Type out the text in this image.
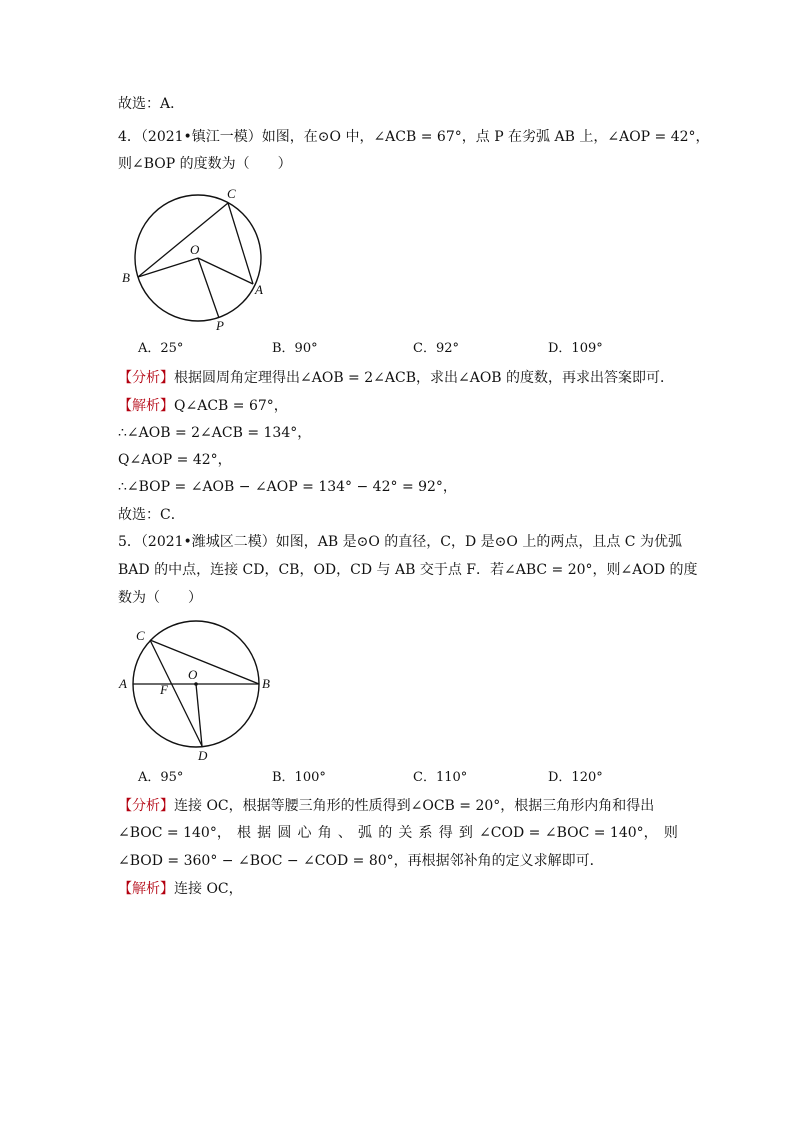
故选：A．
4．（2021•镇江一模）如图，在⊙O 中，∠ACB = 67°，点 P 在劣弧 AB 上，∠AOP = 42°，
则∠BOP 的度数为（　　）
C
O
B
A
P
A．25°	B．90°	C．92°	D．109°
【分析】根据圆周角定理得出∠AOB = 2∠ACB，求出∠AOB 的度数，再求出答案即可．
【解析】Q∠ACB = 67°，
∴∠AOB = 2∠ACB = 134°，
Q∠AOP = 42°，
∴∠BOP = ∠AOB − ∠AOP = 134° − 42° = 92°，
故选：C．
5．（2021•潍城区二模）如图，AB 是⊙O 的直径，C，D 是⊙O 上的两点，且点 C 为优弧
BAD 的中点，连接 CD，CB，OD，CD 与 AB 交于点 F．若∠ABC = 20°，则∠AOD 的度
数为（　　）
C
A	F
O
B
D
A．95°	B．100°	C．110°	D．120°
【分析】连接 OC，根据等腰三角形的性质得到∠OCB = 20°，根据三角形内角和得出
∠BOC = 140°， 根 据 圆 心 角 、 弧 的 关 系 得 到 ∠COD = ∠BOC = 140°， 则
∠BOD = 360° − ∠BOC − ∠COD = 80°，再根据邻补角的定义求解即可．
【解析】连接 OC，
